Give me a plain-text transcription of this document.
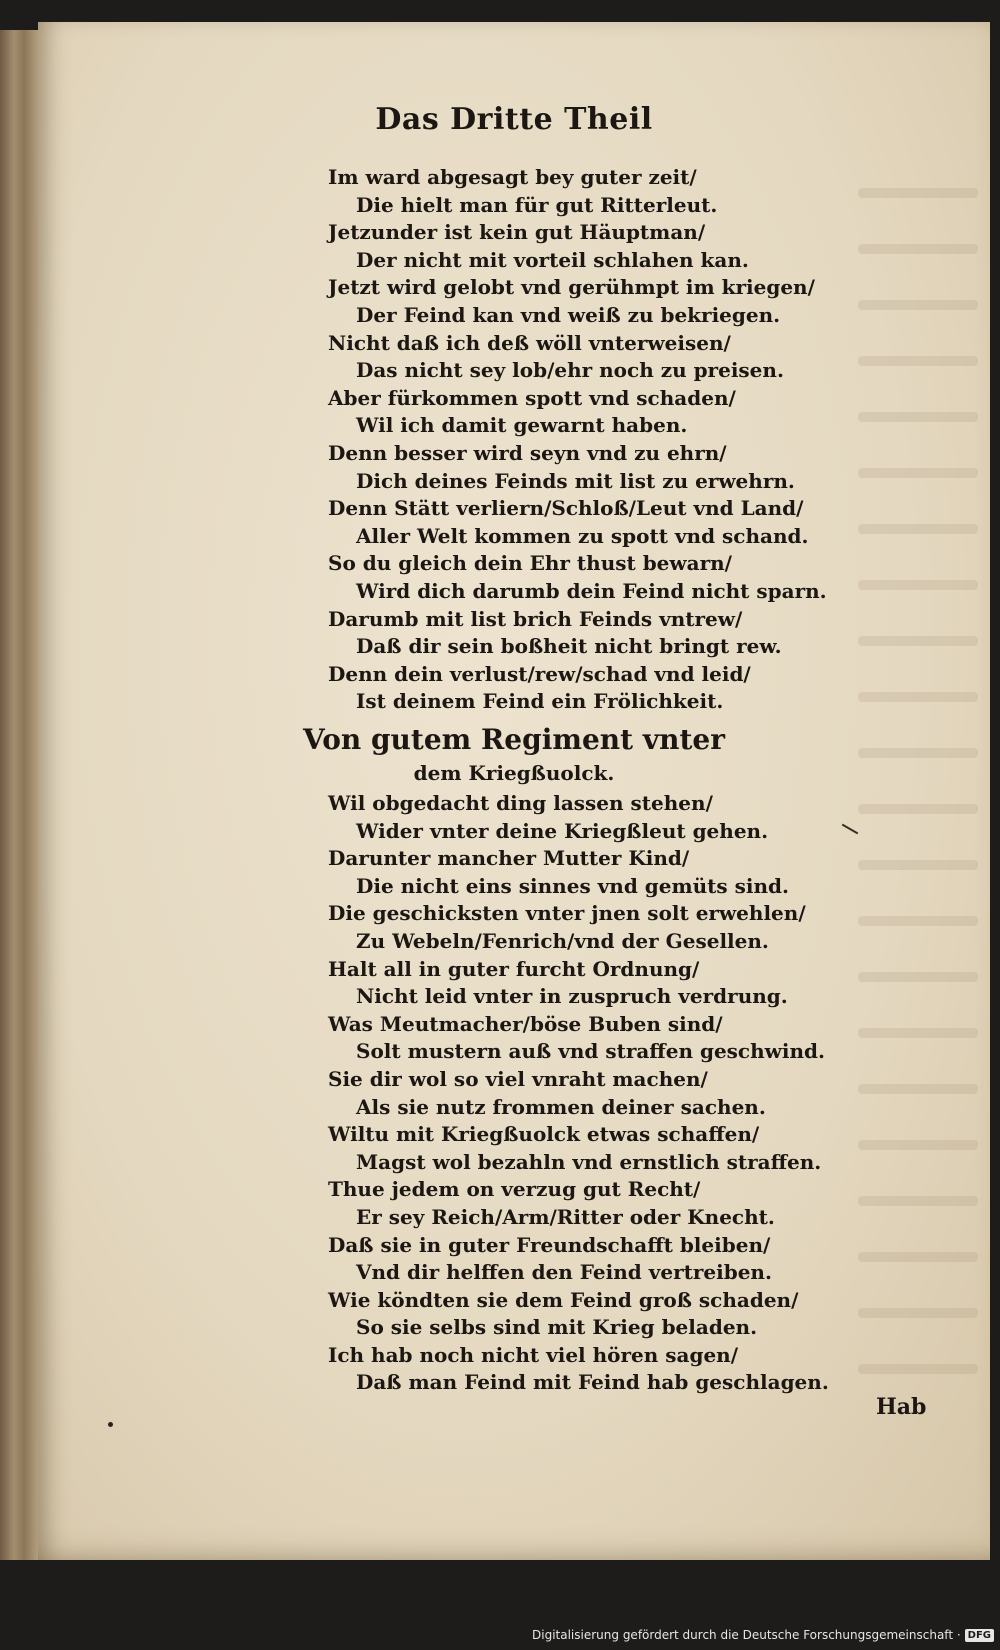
Das Dritte Theil
Im ward abgesagt bey guter zeit/
Die hielt man für gut Ritterleut.
Jetzunder ist kein gut Häuptman/
Der nicht mit vorteil schlahen kan.
Jetzt wird gelobt vnd gerühmpt im kriegen/
Der Feind kan vnd weiß zu bekriegen.
Nicht daß ich deß wöll vnterweisen/
Das nicht sey lob/ehr noch zu preisen.
Aber fürkommen spott vnd schaden/
Wil ich damit gewarnt haben.
Denn besser wird seyn vnd zu ehrn/
Dich deines Feinds mit list zu erwehrn.
Denn Stätt verliern/Schloß/Leut vnd Land/
Aller Welt kommen zu spott vnd schand.
So du gleich dein Ehr thust bewarn/
Wird dich darumb dein Feind nicht sparn.
Darumb mit list brich Feinds vntrew/
Daß dir sein boßheit nicht bringt rew.
Denn dein verlust/rew/schad vnd leid/
Ist deinem Feind ein Frölichkeit.
Von gutem Regiment vnter
dem Kriegßuolck.
Wil obgedacht ding lassen stehen/
Wider vnter deine Kriegßleut gehen.
Darunter mancher Mutter Kind/
Die nicht eins sinnes vnd gemüts sind.
Die geschicksten vnter jnen solt erwehlen/
Zu Webeln/Fenrich/vnd der Gesellen.
Halt all in guter furcht Ordnung/
Nicht leid vnter in zuspruch verdrung.
Was Meutmacher/böse Buben sind/
Solt mustern auß vnd straffen geschwind.
Sie dir wol so viel vnraht machen/
Als sie nutz frommen deiner sachen.
Wiltu mit Kriegßuolck etwas schaffen/
Magst wol bezahln vnd ernstlich straffen.
Thue jedem on verzug gut Recht/
Er sey Reich/Arm/Ritter oder Knecht.
Daß sie in guter Freundschafft bleiben/
Vnd dir helffen den Feind vertreiben.
Wie köndten sie dem Feind groß schaden/
So sie selbs sind mit Krieg beladen.
Ich hab noch nicht viel hören sagen/
Daß man Feind mit Feind hab geschlagen.
Hab
Digitalisierung gefördert durch die Deutsche Forschungsgemeinschaft · DFG
